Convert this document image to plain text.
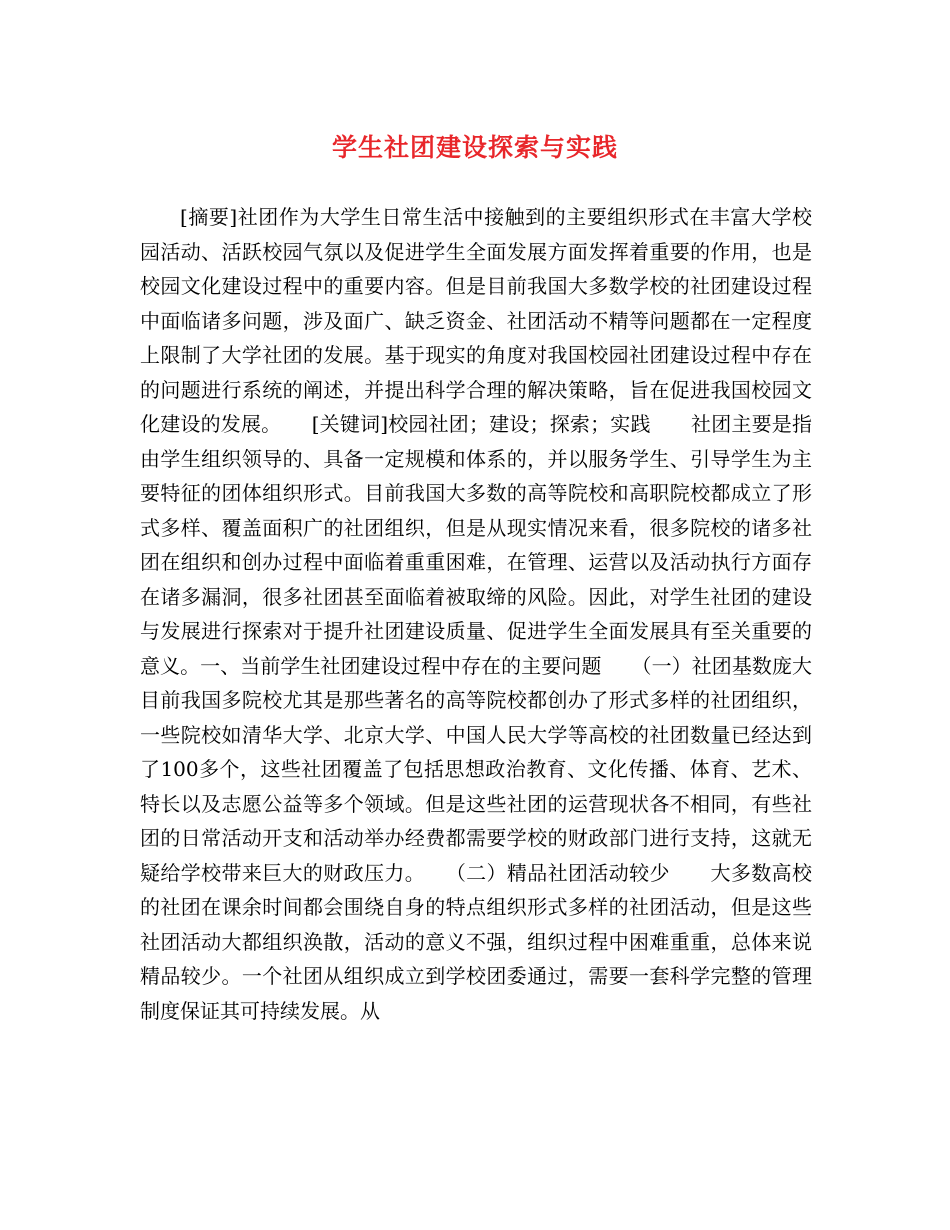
学生社团建设探索与实践

[摘要]社团作为大学生日常生活中接触到的主要组织形式在丰富大学校园活动、活跃校园气氛以及促进学生全面发展方面发挥着重要的作用，也是校园文化建设过程中的重要内容。但是目前我国大多数学校的社团建设过程中面临诸多问题，涉及面广、缺乏资金、社团活动不精等问题都在一定程度上限制了大学社团的发展。基于现实的角度对我国校园社团建设过程中存在的问题进行系统的阐述，并提出科学合理的解决策略，旨在促进我国校园文化建设的发展。　　[关键词]校园社团；建设；探索；实践　　社团主要是指由学生组织领导的、具备一定规模和体系的，并以服务学生、引导学生为主要特征的团体组织形式。目前我国大多数的高等院校和高职院校都成立了形式多样、覆盖面积广的社团组织，但是从现实情况来看，很多院校的诸多社团在组织和创办过程中面临着重重困难，在管理、运营以及活动执行方面存在诸多漏洞，很多社团甚至面临着被取缔的风险。因此，对学生社团的建设与发展进行探索对于提升社团建设质量、促进学生全面发展具有至关重要的意义。一、当前学生社团建设过程中存在的主要问题　　（一）社团基数庞大　　目前我国多院校尤其是那些著名的高等院校都创办了形式多样的社团组织，一些院校如清华大学、北京大学、中国人民大学等高校的社团数量已经达到了100多个，这些社团覆盖了包括思想政治教育、文化传播、体育、艺术、特长以及志愿公益等多个领域。但是这些社团的运营现状各不相同，有些社团的日常活动开支和活动举办经费都需要学校的财政部门进行支持，这就无疑给学校带来巨大的财政压力。　　（二）精品社团活动较少　　大多数高校的社团在课余时间都会围绕自身的特点组织形式多样的社团活动，但是这些社团活动大都组织涣散，活动的意义不强，组织过程中困难重重，总体来说精品较少。一个社团从组织成立到学校团委通过，需要一套科学完整的管理制度保证其可持续发展。从
